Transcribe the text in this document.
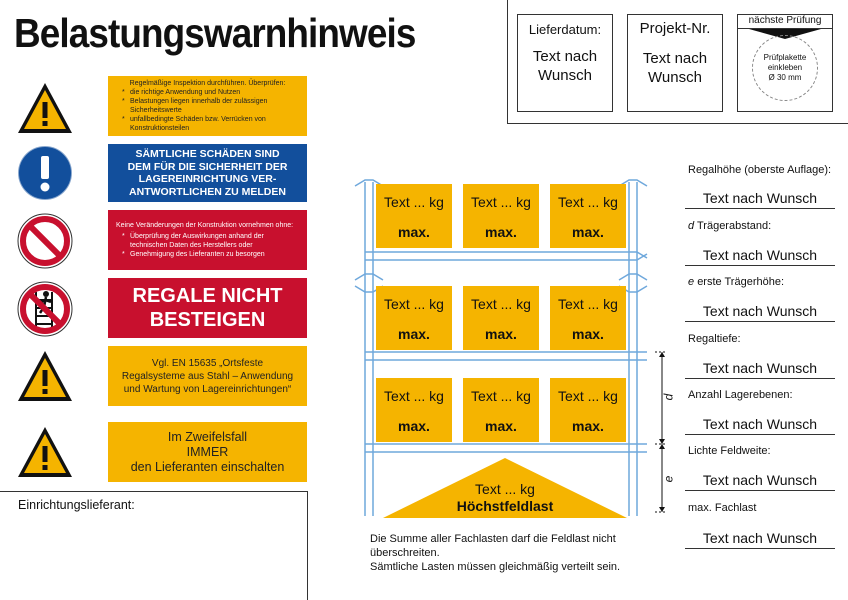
Belastungswarnhinweis	Lieferdatum:
Text nach
Wunsch
Projekt-Nr.
Text nach
Wunsch
nächste Prüfung
Prüfplakette
einkleben
Ø 30 mm
Regelmäßige Inspektion durchführen. Überprüfen:
* die richtige Anwendung und Nutzen
* Belastungen liegen innerhalb der zulässigen Sicherheitswerte
* unfallbedingte Schäden bzw. Verrücken von Konstruktionsteilen
SÄMTLICHE SCHÄDEN SIND
DEM FÜR DIE SICHERHEIT DER
LAGEREINRICHTUNG VER-
ANTWORTLICHEN ZU MELDEN
Keine Veränderungen der Konstruktion vornehmen ohne:
* Überprüfung der Auswirkungen anhand der technischen Daten des Herstellers oder
* Genehmigung des Lieferanten zu besorgen
REGALE NICHT
BESTEIGEN
Vgl. EN 15635 „Ortsfeste
Regalsysteme aus Stahl – Anwendung
und Wartung von Lagereinrichtungen“
Im Zweifelsfall
IMMER
den Lieferanten einschalten
Einrichtungslieferant:
Text ... kg
max.
Text ... kg
max.
Text ... kg
max.
Text ... kg
max.
Text ... kg
max.
Text ... kg
max.
Text ... kg
max.
Text ... kg
max.
Text ... kg
max.
Text ... kg
Höchstfeldlast
d
e
Die Summe aller Fachlasten darf die Feldlast nicht
überschreiten.
Sämtliche Lasten müssen gleichmäßig verteilt sein.
Regalhöhe (oberste Auflage):
Text nach Wunsch
d Trägerabstand:
Text nach Wunsch
e erste Trägerhöhe:
Text nach Wunsch
Regaltiefe:
Text nach Wunsch
Anzahl Lagerebenen:
Text nach Wunsch
Lichte Feldweite:
Text nach Wunsch
max. Fachlast
Text nach Wunsch
